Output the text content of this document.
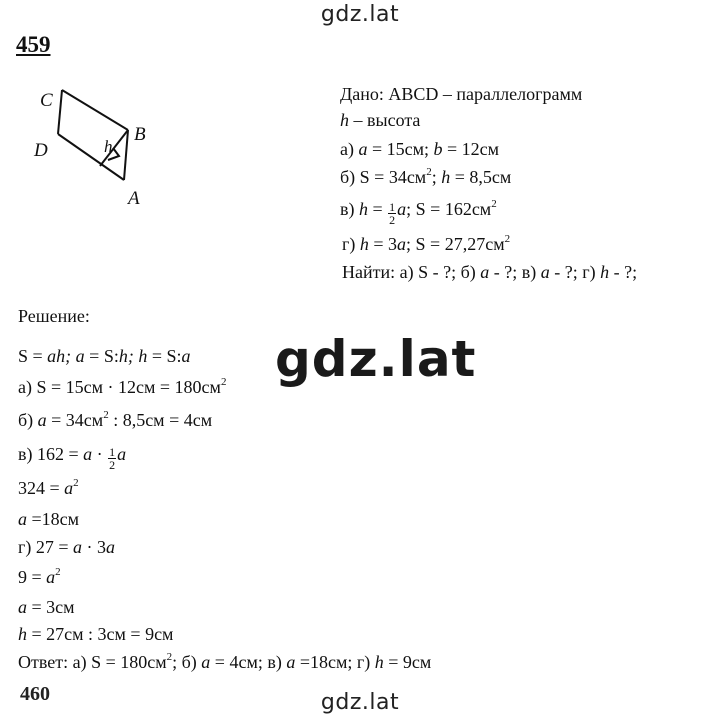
gdz.lat
459
C
D
B
A
h
Дано: ABCD – параллелограмм
h – высота
а) a = 15см; b = 12см
б) $S = 34см^2$; h = 8,5см
в) $h = \frac{1}{2} a$; $S = 162см^2$
г) h = 3a; $S = 27,27см^2$
Найти: а) S - ?; б) a - ?; в) a - ?; г) h - ?;
Решение:
S = ah; a = S:h; h = S:a
а) $S = 15см \cdot 12см = 180см^2$
б) $a = 34см^2$ : 8,5см = 4см
в) $162 = a \cdot \frac{1}{2}$ a
$324 = a^2$
a =18см
г) 27 = a · 3a
$9 = a^2$
a = 3см
h = 27см : 3см = 9см
Ответ: а) $S = 180см^2$; б) a = 4см; в) a =18см; г) h = 9см
460
gdz.lat
gdz.lat
